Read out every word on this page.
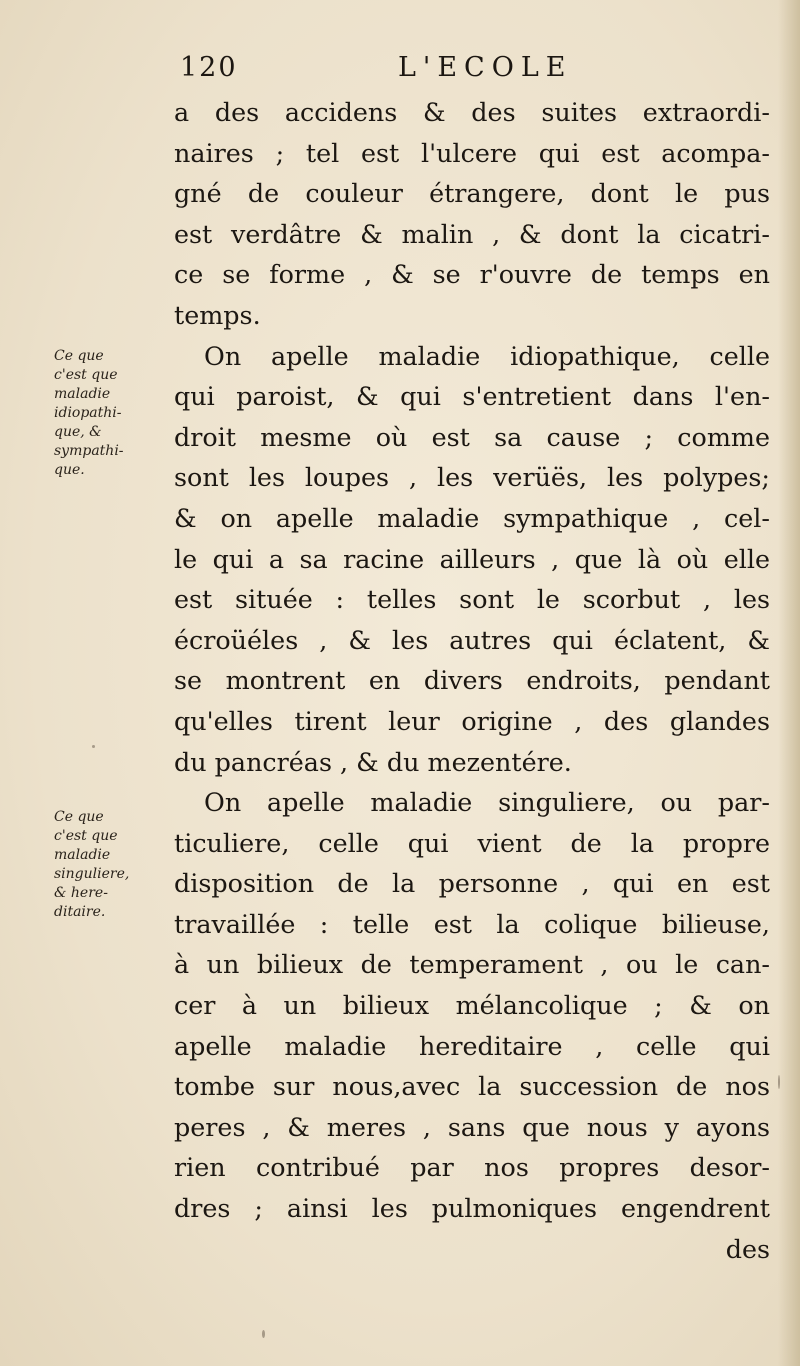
120	L'ECOLE
Ce que
c'est que
maladie
idiopathi-
que, &
sympathi-
que.
Ce que
c'est que
maladie
singuliere,
& here-
ditaire.
a des accidens & des suites extraordi-
naires ; tel est l'ulcere qui est acompa-
gné de couleur étrangere, dont le pus
est verdâtre & malin , & dont la cicatri-
ce se forme , & se r'ouvre de temps en
temps.
On apelle maladie idiopathique, celle
qui paroist, & qui s'entretient dans l'en-
droit mesme où est sa cause ; comme
sont les loupes , les verüës, les polypes;
& on apelle maladie sympathique , cel-
le qui a sa racine ailleurs , que là où elle
est située : telles sont le scorbut , les
écroüéles , & les autres qui éclatent, &
se montrent en divers endroits, pendant
qu'elles tirent leur origine , des glandes
du pancréas , & du mezentére.
On apelle maladie singuliere, ou par-
ticuliere, celle qui vient de la propre
disposition de la personne , qui en est
travaillée : telle est la colique bilieuse,
à un bilieux de temperament , ou le can-
cer à un bilieux mélancolique ; & on
apelle maladie hereditaire , celle qui
tombe sur nous,avec la succession de nos
peres , & meres , sans que nous y ayons
rien contribué par nos propres desor-
dres ; ainsi les pulmoniques engendrent
des
